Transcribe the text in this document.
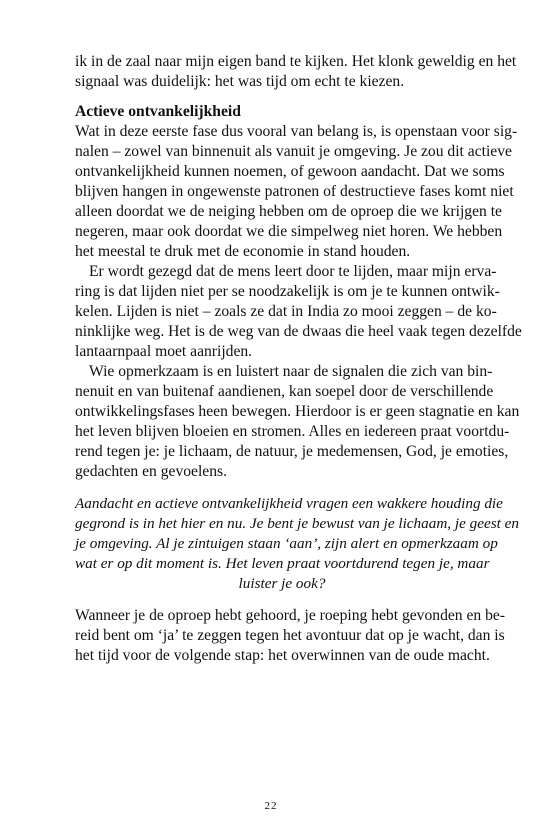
ik in de zaal naar mijn eigen band te kijken. Het klonk geweldig en het
signaal was duidelijk: het was tijd om echt te kiezen.
Actieve ontvankelijkheid
Wat in deze eerste fase dus vooral van belang is, is openstaan voor sig-
nalen – zowel van binnenuit als vanuit je omgeving. Je zou dit actieve
ontvankelijkheid kunnen noemen, of gewoon aandacht. Dat we soms
blijven hangen in ongewenste patronen of destructieve fases komt niet
alleen doordat we de neiging hebben om de oproep die we krijgen te
negeren, maar ook doordat we die simpelweg niet horen. We hebben
het meestal te druk met de economie in stand houden.
Er wordt gezegd dat de mens leert door te lijden, maar mijn erva-
ring is dat lijden niet per se noodzakelijk is om je te kunnen ontwik-
kelen. Lijden is niet – zoals ze dat in India zo mooi zeggen – de ko-
ninklijke weg. Het is de weg van de dwaas die heel vaak tegen dezelfde
lantaarnpaal moet aanrijden.
Wie opmerkzaam is en luistert naar de signalen die zich van bin-
nenuit en van buitenaf aandienen, kan soepel door de verschillende
ontwikkelingsfases heen bewegen. Hierdoor is er geen stagnatie en kan
het leven blijven bloeien en stromen. Alles en iedereen praat voortdu-
rend tegen je: je lichaam, de natuur, je medemensen, God, je emoties,
gedachten en gevoelens.
Aandacht en actieve ontvankelijkheid vragen een wakkere houding die
gegrond is in het hier en nu. Je bent je bewust van je lichaam, je geest en
je omgeving. Al je zintuigen staan ‘aan’, zijn alert en opmerkzaam op
wat er op dit moment is. Het leven praat voortdurend tegen je, maar
luister je ook?
Wanneer je de oproep hebt gehoord, je roeping hebt gevonden en be-
reid bent om ‘ja’ te zeggen tegen het avontuur dat op je wacht, dan is
het tijd voor de volgende stap: het overwinnen van de oude macht.
22
